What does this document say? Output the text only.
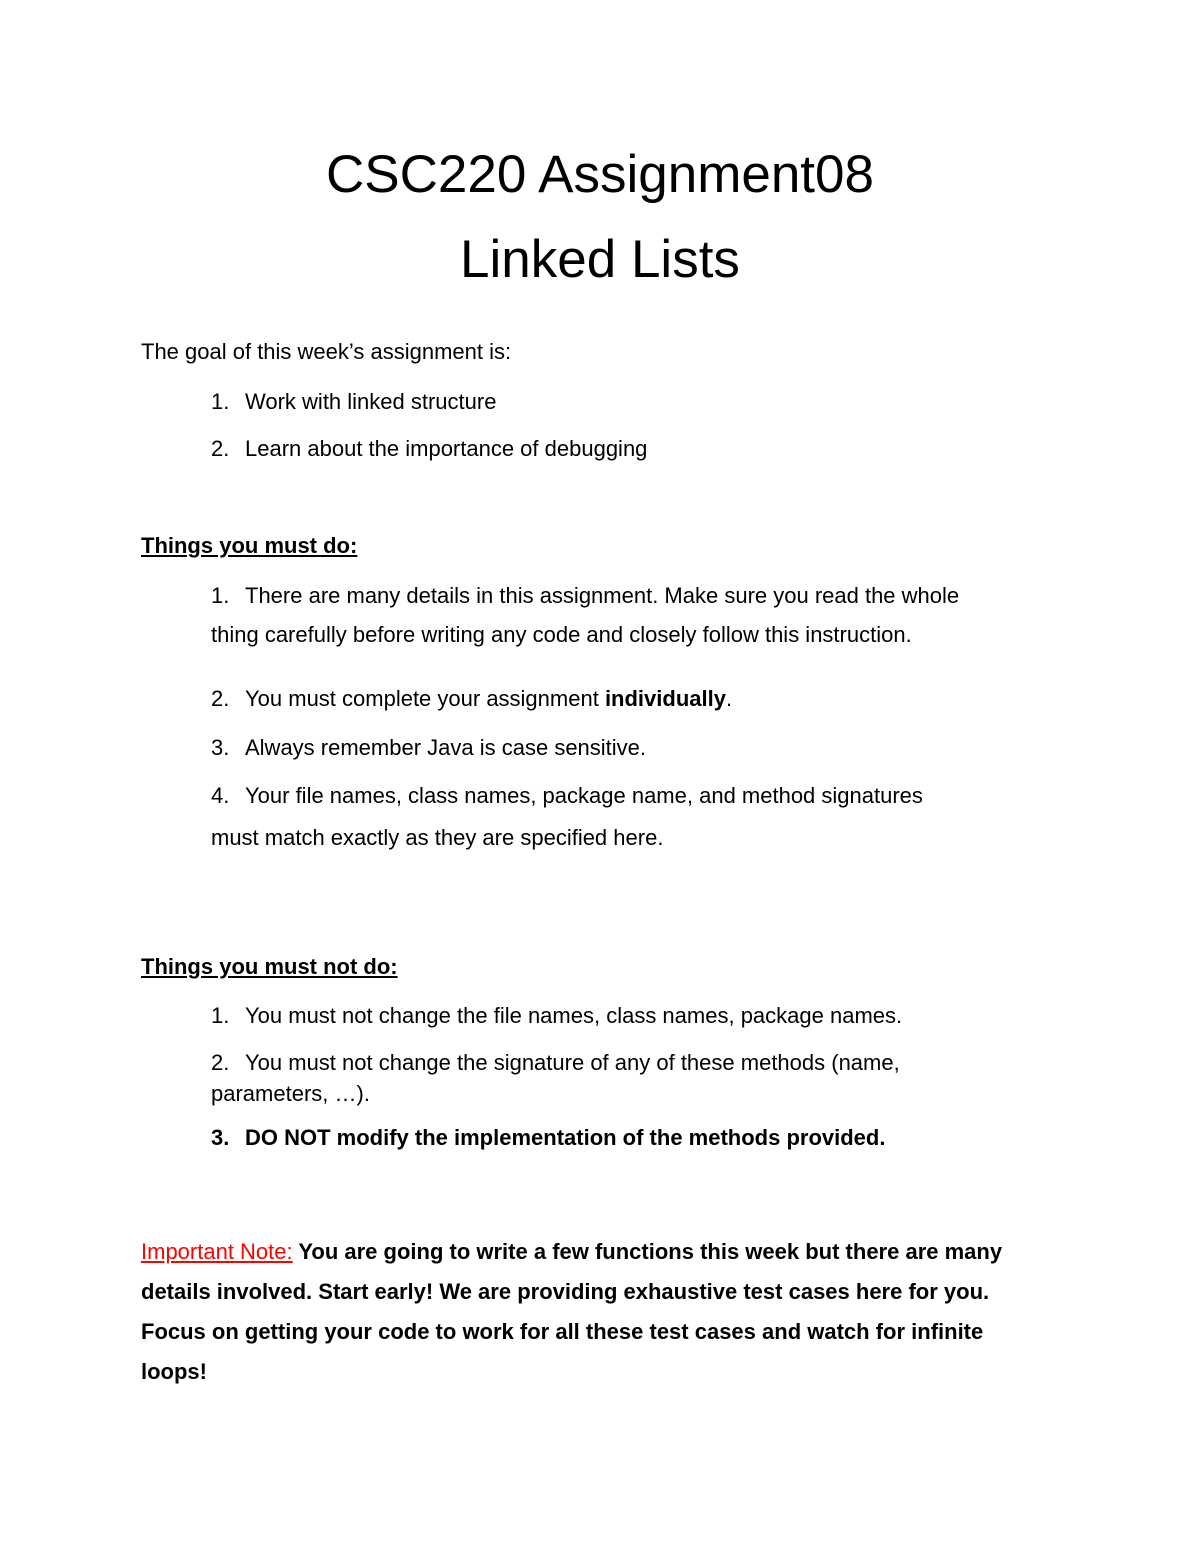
CSC220 Assignment08
Linked Lists

The goal of this week’s assignment is:

1. Work with linked structure
2. Learn about the importance of debugging

Things you must do:

1. There are many details in this assignment. Make sure you read the whole

thing carefully before writing any code and closely follow this instruction.

2. You must complete your assignment individually.
3. Always remember Java is case sensitive.
4. Your file names, class names, package name, and method signatures

must match exactly as they are specified here.

Things you must not do:

1. You must not change the file names, class names, package names.
2. You must not change the signature of any of these methods (name,

parameters, …).

3. DO NOT modify the implementation of the methods provided.

Important Note: You are going to write a few functions this week but there are many details involved. Start early! We are providing exhaustive test cases here for you. Focus on getting your code to work for all these test cases and watch for infinite loops!
